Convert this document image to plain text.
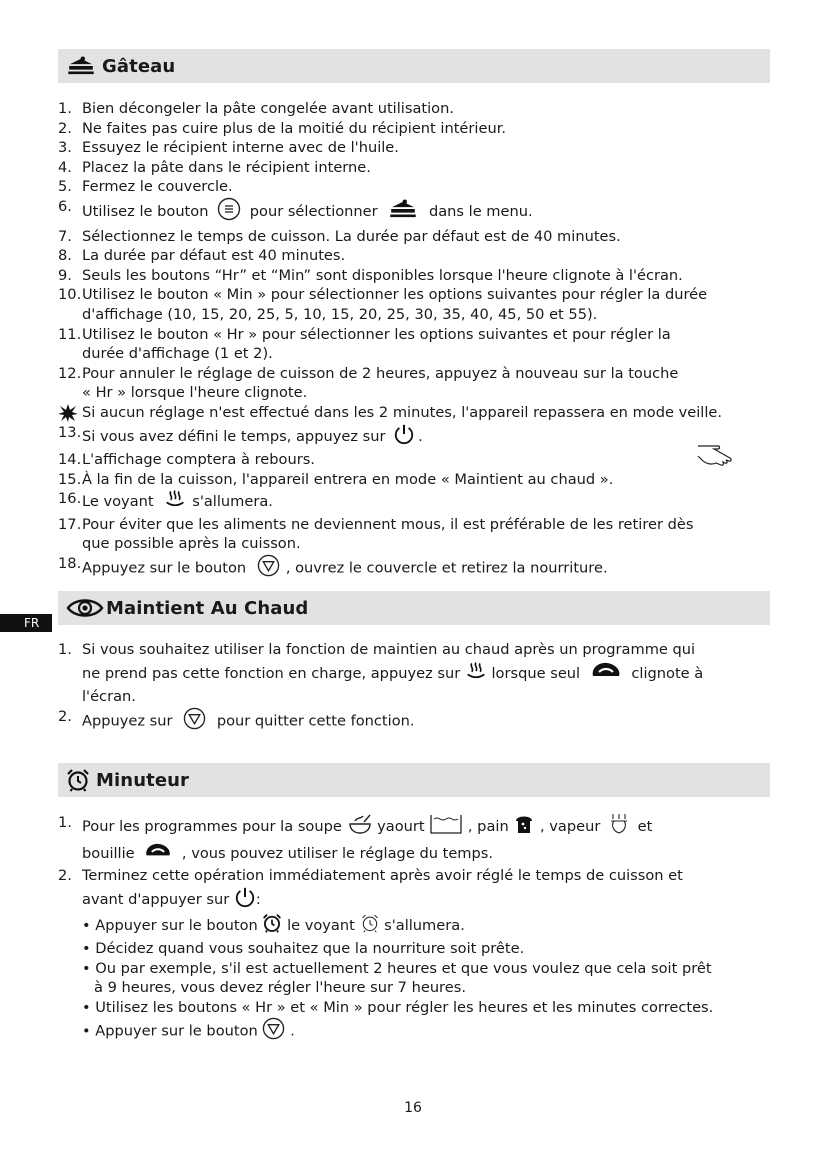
Gâteau
1. Bien décongeler la pâte congelée avant utilisation.
2. Ne faites pas cuire plus de la moitié du récipient intérieur.
3. Essuyez le récipient interne avec de l'huile.
4. Placez la pâte dans le récipient interne.
5. Fermez le couvercle.
6. Utilisez le bouton	pour sélectionner	dans le menu.
7. Sélectionnez le temps de cuisson. La durée par défaut est de 40 minutes.
8. La durée par défaut est 40 minutes.
9. Seuls les boutons “Hr” et “Min” sont disponibles lorsque l'heure clignote à l'écran.
10. Utilisez le bouton « Min » pour sélectionner les options suivantes pour régler la durée
d'affichage (10, 15, 20, 25, 5, 10, 15, 20, 25, 30, 35, 40, 45, 50 et 55).
11. Utilisez le bouton « Hr » pour sélectionner les options suivantes et pour régler la
durée d'affichage (1 et 2).
12. Pour annuler le réglage de cuisson de 2 heures, appuyez à nouveau sur la touche
« Hr » lorsque l'heure clignote.
Si aucun réglage n'est effectué dans les 2 minutes, l'appareil repassera en mode veille.
13. Si vous avez défini le temps, appuyez sur .
14. L'affichage comptera à rebours.
15. À la fin de la cuisson, l'appareil entrera en mode « Maintient au chaud ».
16. Le voyant	s'allumera.
17. Pour éviter que les aliments ne deviennent mous, il est préférable de les retirer dès
que possible après la cuisson.
18. Appuyez sur le bouton	, ouvrez le couvercle et retirez la nourriture.
Maintient Au Chaud
FR
1. Si vous souhaitez utiliser la fonction de maintien au chaud après un programme qui
ne prend pas cette fonction en charge, appuyez sur lorsque seul	clignote à
l'écran.
2. Appuyez sur	pour quitter cette fonction.
Minuteur
1. Pour les programmes pour la soupe yaourt	, pain , vapeur	et
bouillie	, vous pouvez utiliser le réglage du temps.
2. Terminez cette opération immédiatement après avoir réglé le temps de cuisson et
avant d'appuyer sur :
• Appuyer sur le bouton le voyant s'allumera.
• Décidez quand vous souhaitez que la nourriture soit prête.
• Ou par exemple, s'il est actuellement 2 heures et que vous voulez que cela soit prêt
à 9 heures, vous devez régler l'heure sur 7 heures.
• Utilisez les boutons « Hr » et « Min » pour régler les heures et les minutes correctes.
• Appuyer sur le bouton .
16
